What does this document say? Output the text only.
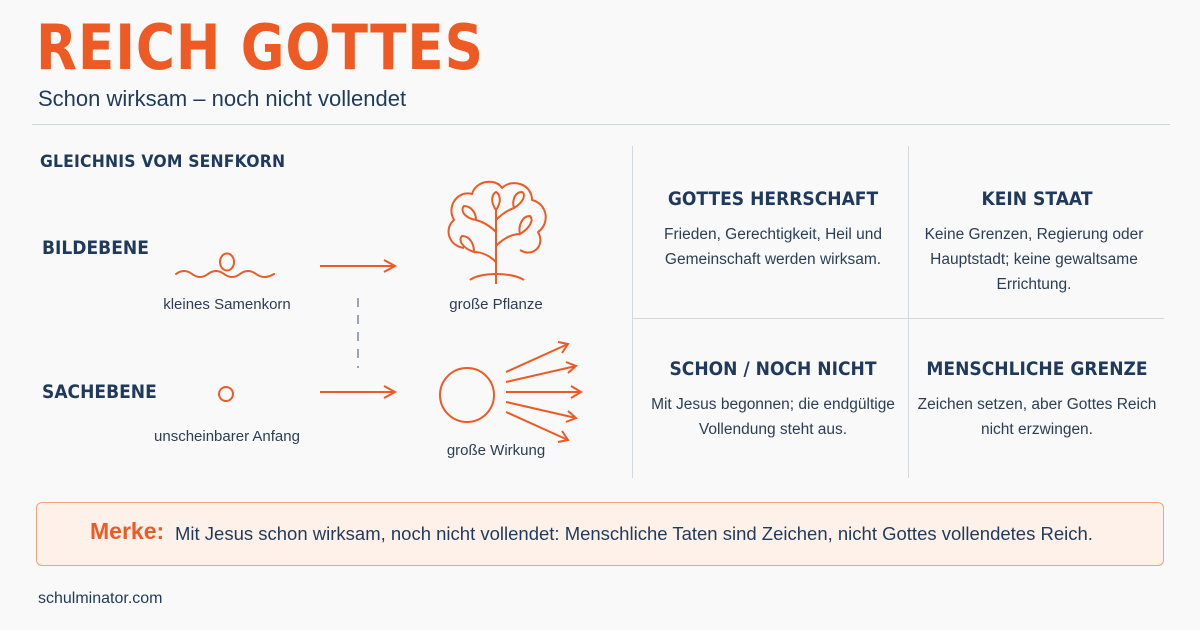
REICH GOTTES
Schon wirksam – noch nicht vollendet
GLEICHNIS VOM SENFKORN
BILDEBENE
SACHEBENE
kleines Samenkorn	große Pflanze
unscheinbarer Anfang
große Wirkung
GOTTES HERRSCHAFT
Frieden, Gerechtigkeit, Heil und Gemeinschaft werden wirksam.
KEIN STAAT
Keine Grenzen, Regierung oder Hauptstadt; keine gewaltsame Errichtung.
SCHON / NOCH NICHT
Mit Jesus begonnen; die endgültige Vollendung steht aus.
MENSCHLICHE GRENZE
Zeichen setzen, aber Gottes Reich nicht erzwingen.
Merke: Mit Jesus schon wirksam, noch nicht vollendet: Menschliche Taten sind Zeichen, nicht Gottes vollendetes Reich.
schulminator.com
